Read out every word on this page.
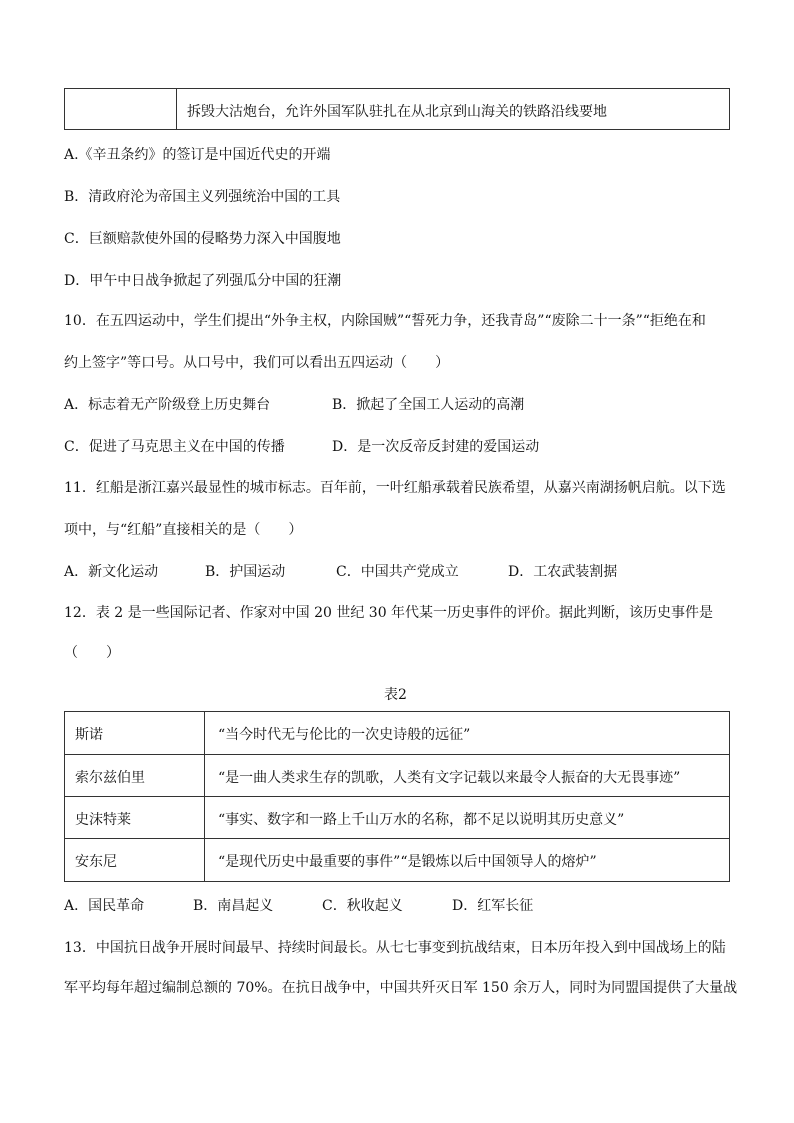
拆毁大沽炮台，允许外国军队驻扎在从北京到山海关的铁路沿线要地
A.《辛丑条约》的签订是中国近代史的开端
B．清政府沦为帝国主义列强统治中国的工具
C．巨额赔款使外国的侵略势力深入中国腹地
D．甲午中日战争掀起了列强瓜分中国的狂潮
10．在五四运动中，学生们提出“外争主权，内除国贼”“誓死力争，还我青岛”“废除二十一条”“拒绝在和
约上签字”等口号。从口号中，我们可以看出五四运动（　　）
A．标志着无产阶级登上历史舞台	B．掀起了全国工人运动的高潮
C．促进了马克思主义在中国的传播	D．是一次反帝反封建的爱国运动
11．红船是浙江嘉兴最显性的城市标志。百年前，一叶红船承载着民族希望，从嘉兴南湖扬帆启航。以下选
项中，与“红船”直接相关的是（　　）
A．新文化运动	B．护国运动	C．中国共产党成立	D．工农武装割据
12．表 2 是一些国际记者、作家对中国 20 世纪 30 年代某一历史事件的评价。据此判断，该历史事件是
（　　）
表2
斯诺	“当今时代无与伦比的一次史诗般的远征”
索尔兹伯里	“是一曲人类求生存的凯歌，人类有文字记载以来最令人振奋的大无畏事迹”
史沫特莱	“事实、数字和一路上千山万水的名称，都不足以说明其历史意义”
安东尼	“是现代历史中最重要的事件”“是锻炼以后中国领导人的熔炉”
A．国民革命	B．南昌起义	C．秋收起义	D．红军长征
13．中国抗日战争开展时间最早、持续时间最长。从七七事变到抗战结束，日本历年投入到中国战场上的陆
军平均每年超过编制总额的 70%。在抗日战争中，中国共歼灭日军 150 余万人，同时为同盟国提供了大量战
